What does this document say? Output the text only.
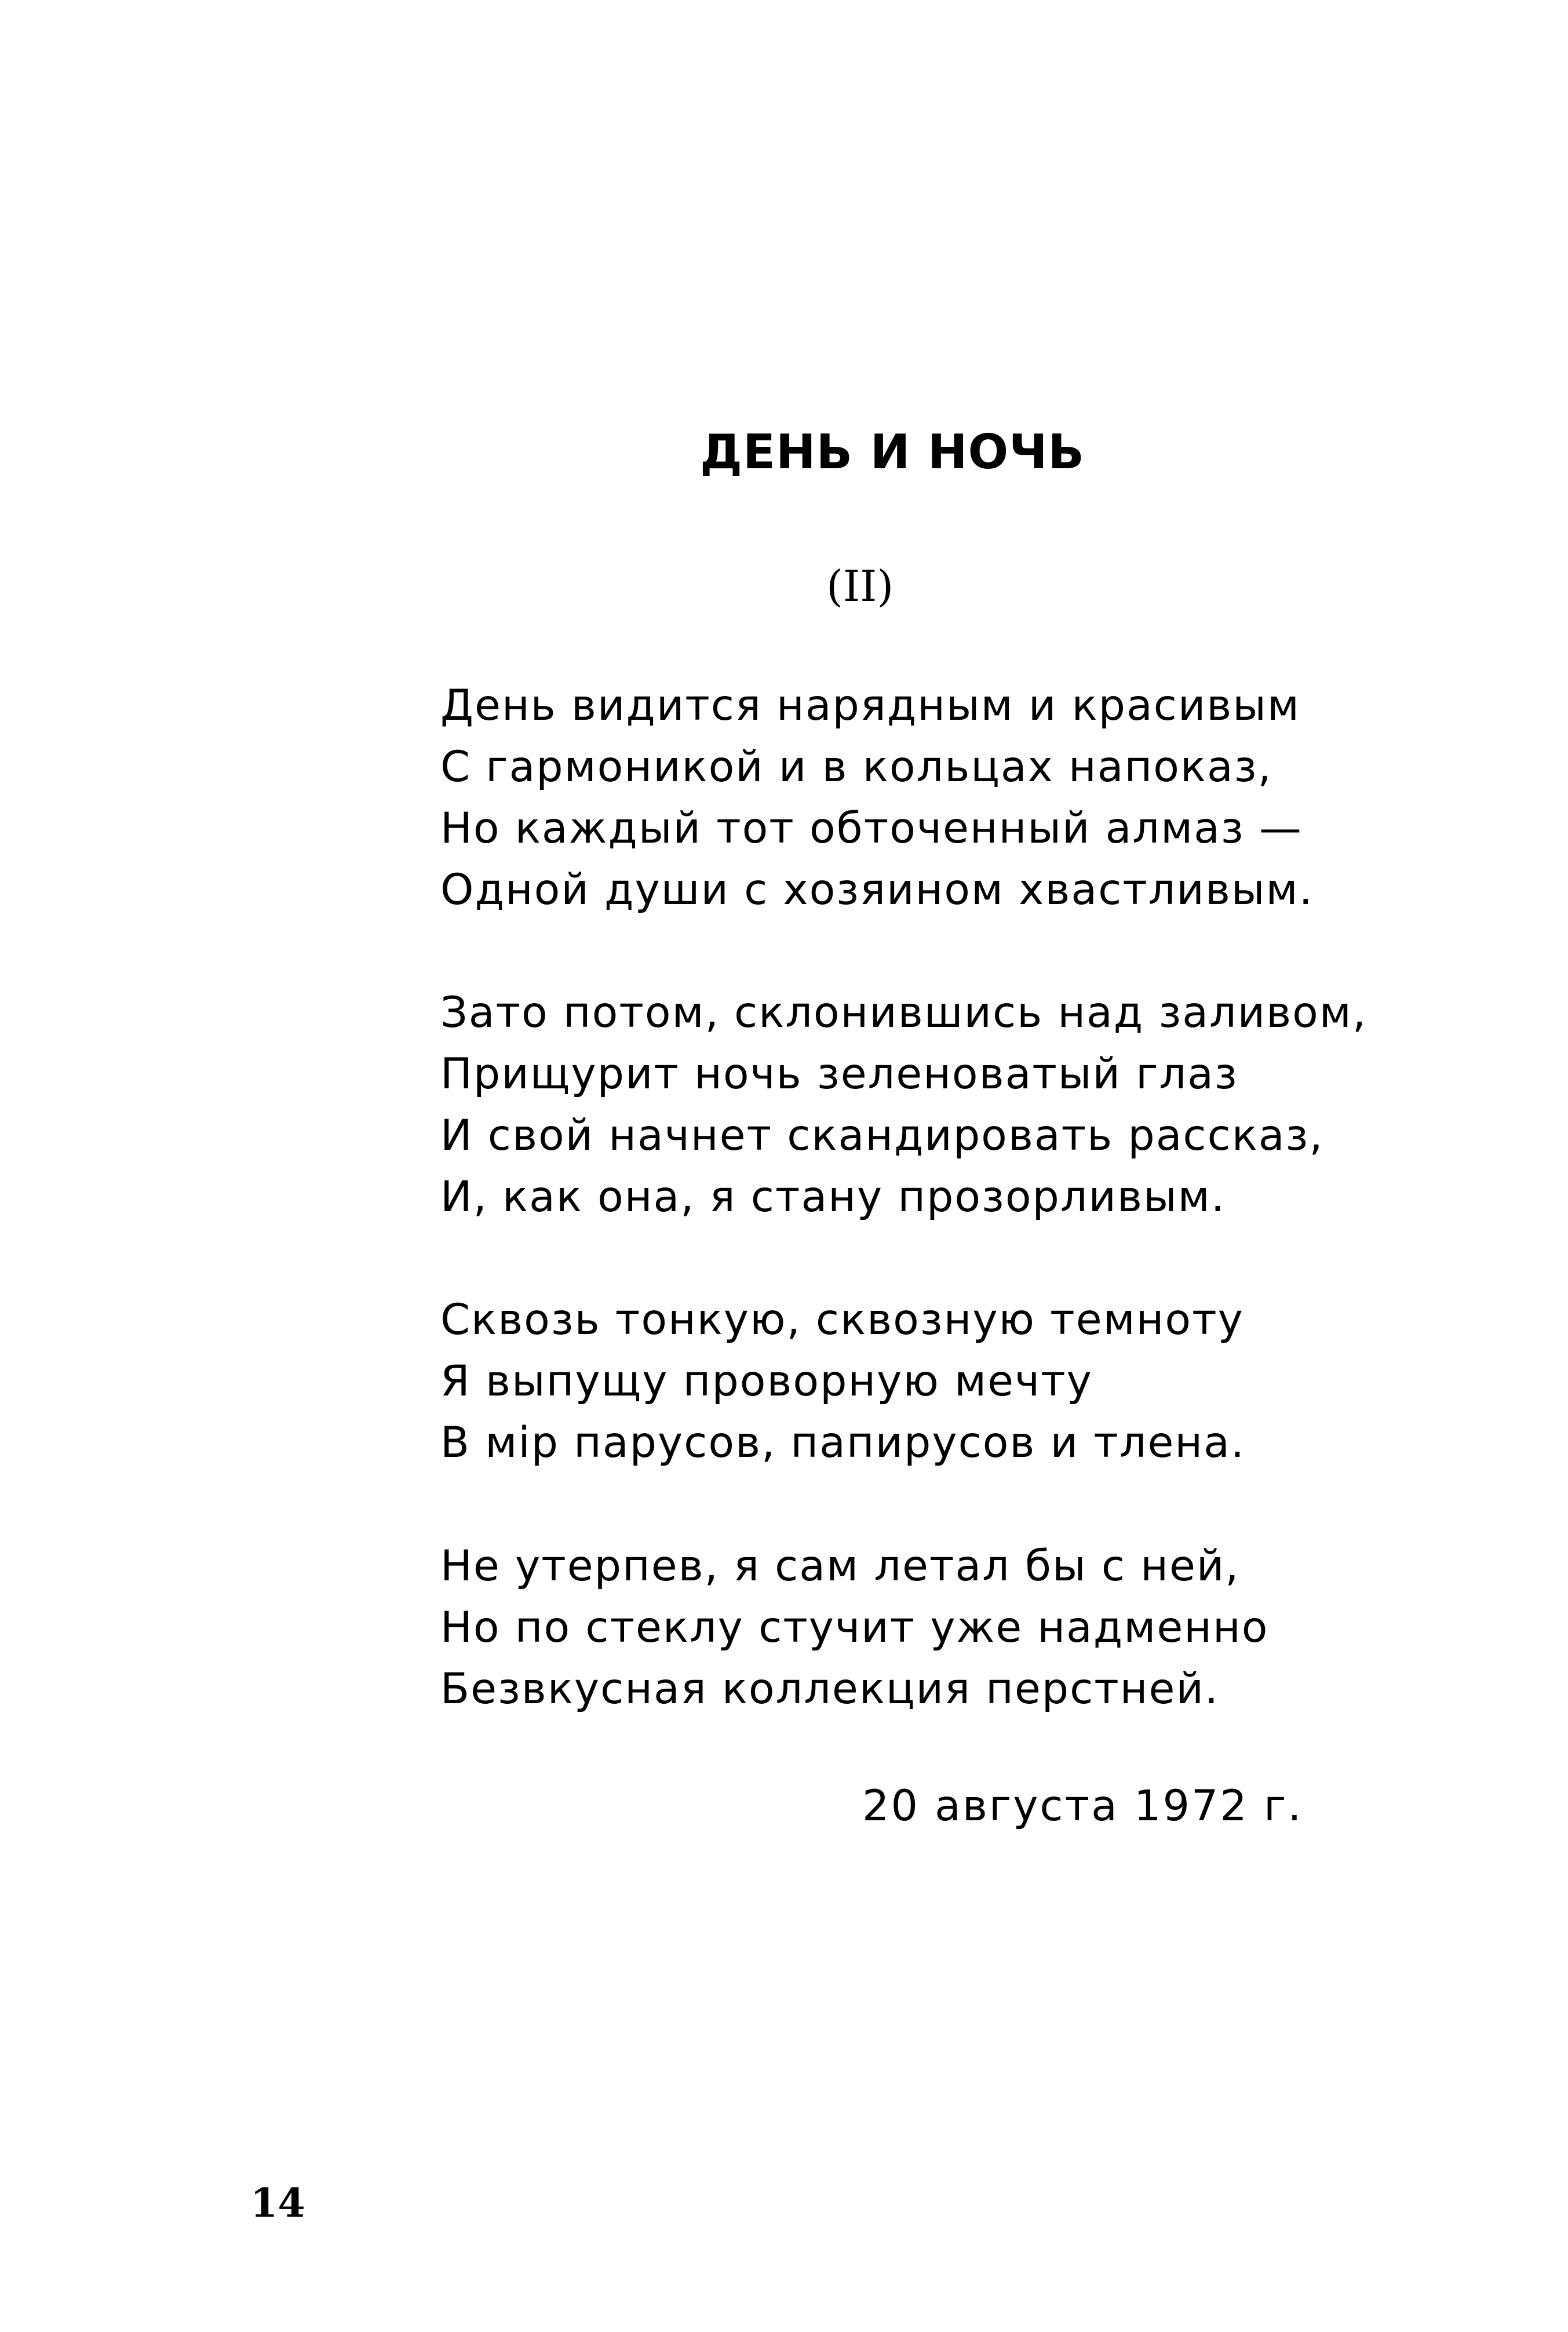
ДЕНЬ И НОЧЬ
(II)
День видится нарядным и красивым
С гармоникой и в кольцах напоказ,
Но каждый тот обточенный алмаз —
Одной души с хозяином хвастливым.
Зато потом, склонившись над заливом,
Прищурит ночь зеленоватый глаз
И свой начнет скандировать рассказ,
И, как она, я стану прозорливым.
Сквозь тонкую, сквозную темноту
Я выпущу проворную мечту
В мір парусов, папирусов и тлена.
Не утерпев, я сам летал бы с ней,
Но по стеклу стучит уже надменно
Безвкусная коллекция перстней.
20 августа 1972 г.
14
